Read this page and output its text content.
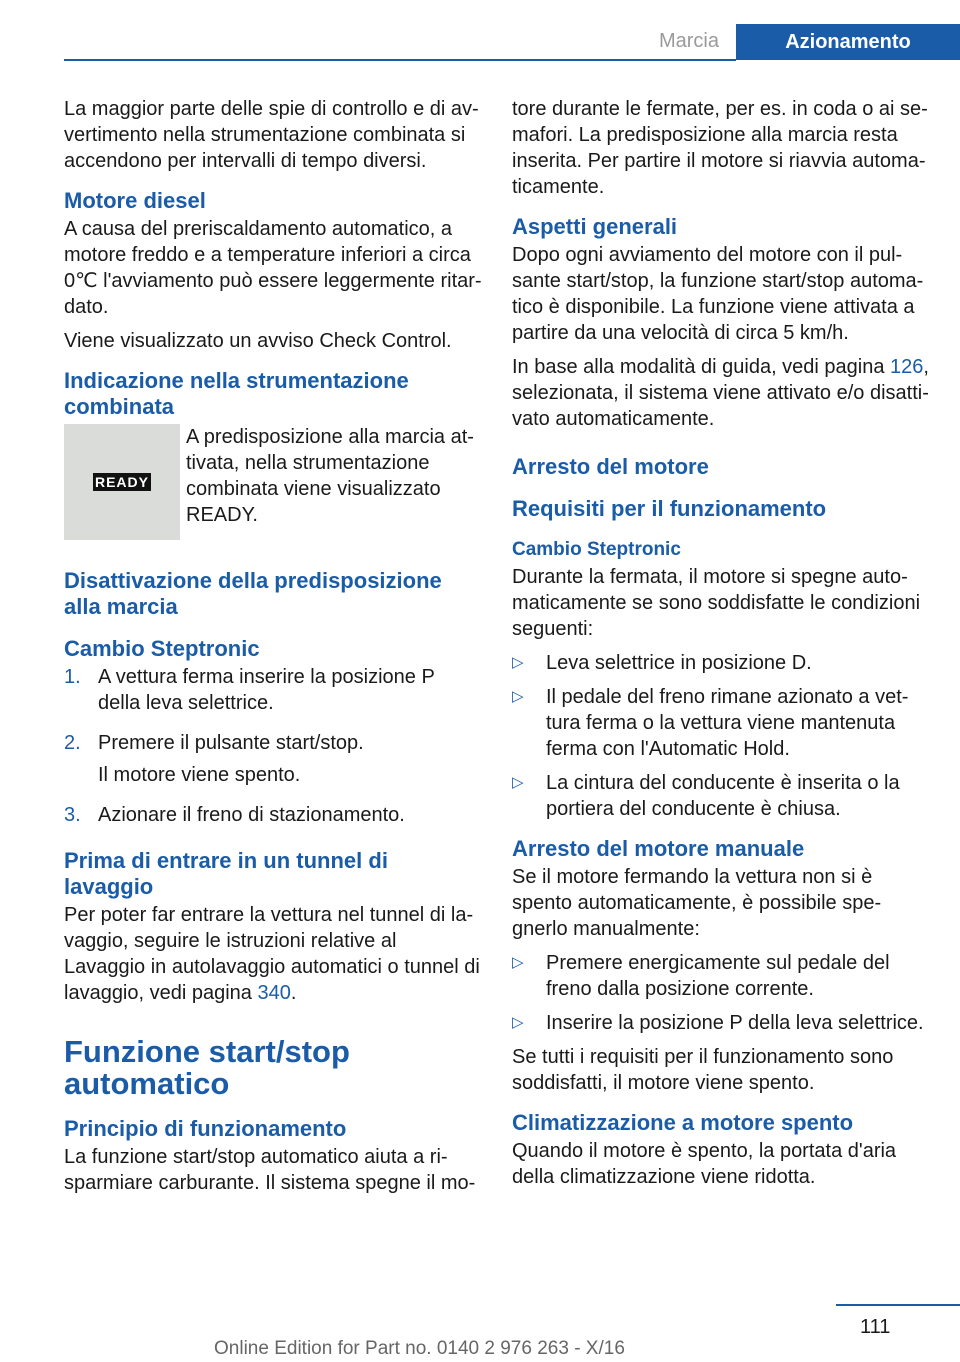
Marcia	Azionamento

La maggior parte delle spie di controllo e di av-vertimento nella strumentazione combinata si accendono per intervalli di tempo diversi.

Motore diesel

A causa del preriscaldamento automatico, a motore freddo e a temperature inferiori a circa 0℃ l'avviamento può essere leggermente ritar-dato.

Viene visualizzato un avviso Check Control.

Indicazione nella strumentazione combinata
READY

A predisposizione alla marcia at-tivata, nella strumentazione combinata viene visualizzato READY.

Disattivazione della predisposizione alla marcia
Cambio Steptronic
1. A vettura ferma inserire la posizione P della leva selettrice.

2. Premere il pulsante start/stop.

Il motore viene spento.

3. Azionare il freno di stazionamento.

Prima di entrare in un tunnel di lavaggio

Per poter far entrare la vettura nel tunnel di la-vaggio, seguire le istruzioni relative al Lavaggio in autolavaggio automatici o tunnel di lavaggio, vedi pagina 340.

Funzione start/stop automatico
Principio di funzionamento

La funzione start/stop automatico aiuta a ri-sparmiare carburante. Il sistema spegne il mo-

tore durante le fermate, per es. in coda o ai se-mafori. La predisposizione alla marcia resta inserita. Per partire il motore si riavvia automa-ticamente.

Aspetti generali

Dopo ogni avviamento del motore con il pul-sante start/stop, la funzione start/stop automa-tico è disponibile. La funzione viene attivata a partire da una velocità di circa 5 km/h.

In base alla modalità di guida, vedi pagina 126, selezionata, il sistema viene attivato e/o disatti-vato automaticamente.

Arresto del motore
Requisiti per il funzionamento
Cambio Steptronic

Durante la fermata, il motore si spegne auto-maticamente se sono soddisfatte le condizioni seguenti:

▷	Leva selettrice in posizione D.
▷	Il pedale del freno rimane azionato a vet-tura ferma o la vettura viene mantenuta ferma con l'Automatic Hold.
▷	La cintura del conducente è inserita o la portiera del conducente è chiusa.
Arresto del motore manuale

Se il motore fermando la vettura non si è spento automaticamente, è possibile spe-gnerlo manualmente:

▷	Premere energicamente sul pedale del freno dalla posizione corrente.
▷	Inserire la posizione P della leva selettrice.

Se tutti i requisiti per il funzionamento sono soddisfatti, il motore viene spento.

Climatizzazione a motore spento

Quando il motore è spento, la portata d'aria della climatizzazione viene ridotta.

111
Online Edition for Part no. 0140 2 976 263 - X/16
